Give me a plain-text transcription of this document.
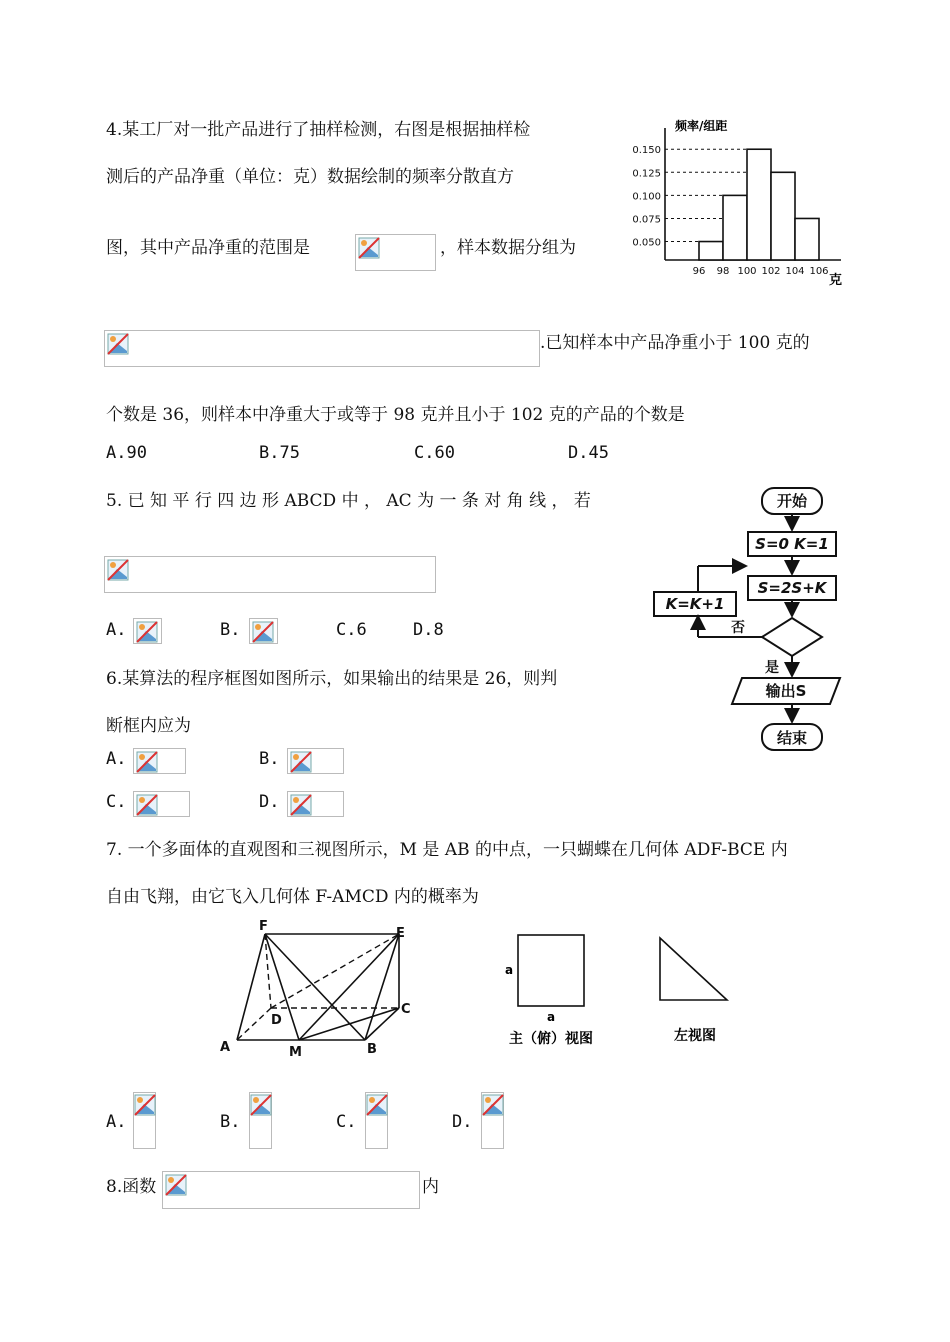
4.某工厂对一批产品进行了抽样检测，右图是根据抽样检
测后的产品净重（单位：克）数据绘制的频率分散直方
图，其中产品净重的范围是	，样本数据分组为
.已知样本中产品净重小于 100 克的
个数是 36，则样本中净重大于或等于 98 克并且小于 102 克的产品的个数是
A.90	B.75	C.60	D.45
频率/组距
克
0.150
0.125
0.100
0.075
0.050
96 98 100 102 104 106
5. 已 知 平 行 四 边 形 ABCD 中 ， AC 为 一 条 对 角 线 ， 若
A.	B.	C.6	D.8
开始
S=0 K=1
S=2S+K
K=K+1
否
是
输出S
结束
6.某算法的程序框图如图所示，如果输出的结果是 26，则判
断框内应为
A.	B.
C.	D.
7. 一个多面体的直观图和三视图所示，M 是 AB 的中点，一只蝴蝶在几何体 ADF-BCE 内
自由飞翔，由它飞入几何体 F-AMCD 内的概率为
F	E
D
C
A	M	B
a
a
主（俯）视图	左视图
A.	B.	C.	D.
8.函数	内
